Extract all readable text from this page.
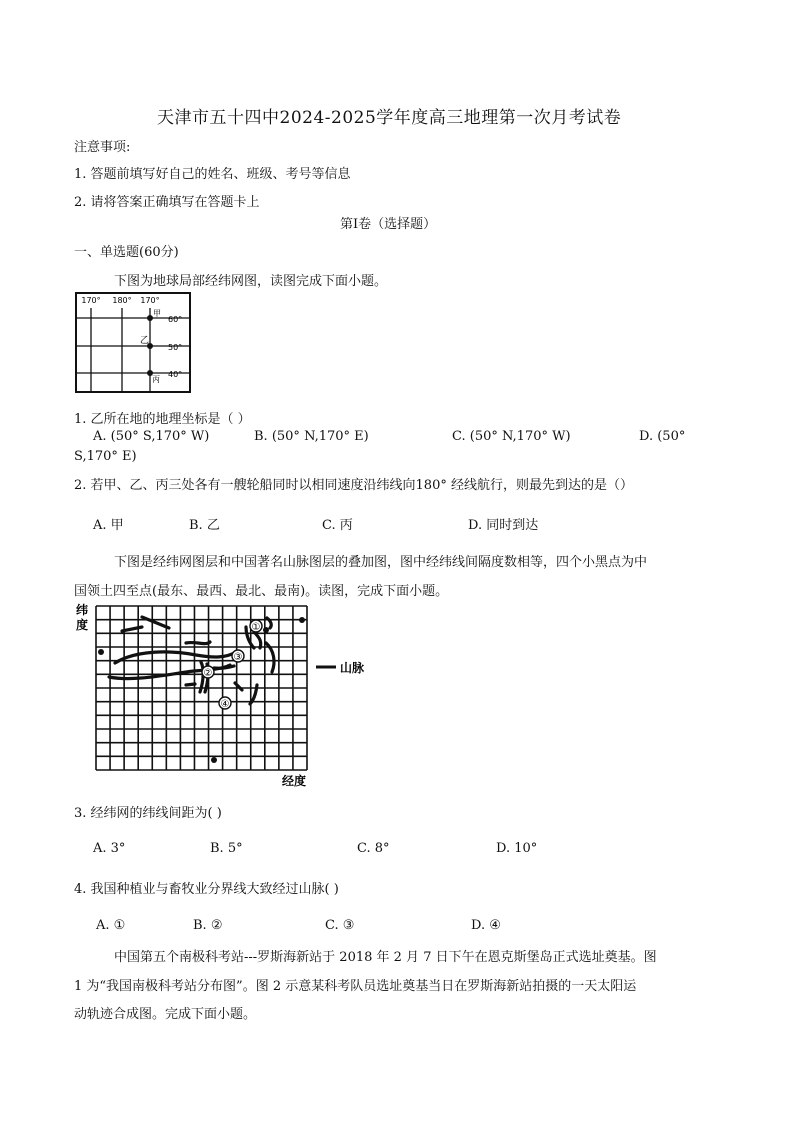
天津市五十四中2024-2025学年度高三地理第一次月考试卷
注意事项:
1. 答题前填写好自己的姓名、班级、考号等信息
2. 请将答案正确填写在答题卡上
第Ⅰ卷（选择题）
一、单选题(60分)
下图为地球局部经纬网图，读图完成下面小题。
170° 180° 170°
60°
50°
40°
甲
乙
丙
1. 乙所在地的地理坐标是（ ）
A. (50° S,170° W)	B. (50° N,170° E)	C. (50° N,170° W)	D. (50°
S,170° E)
2. 若甲、乙、丙三处各有一艘轮船同时以相同速度沿纬线向180° 经线航行，则最先到达的是（）
A. 甲	B. 乙	C. 丙	D. 同时到达
下图是经纬网图层和中国著名山脉图层的叠加图，图中经纬线间隔度数相等，四个小黑点为中
国领土四至点(最东、最西、最北、最南)。读图，完成下面小题。
①
②
③
④
纬
度
经度
山脉
3. 经纬网的纬线间距为( )
A. 3°	B. 5°	C. 8°	D. 10°
4. 我国种植业与畜牧业分界线大致经过山脉( )
A. ①	B. ②	C. ③	D. ④
中国第五个南极科考站---罗斯海新站于 2018 年 2 月 7 日下午在恩克斯堡岛正式选址奠基。图
1 为“我国南极科考站分布图”。图 2 示意某科考队员选址奠基当日在罗斯海新站拍摄的一天太阳运
动轨迹合成图。完成下面小题。
